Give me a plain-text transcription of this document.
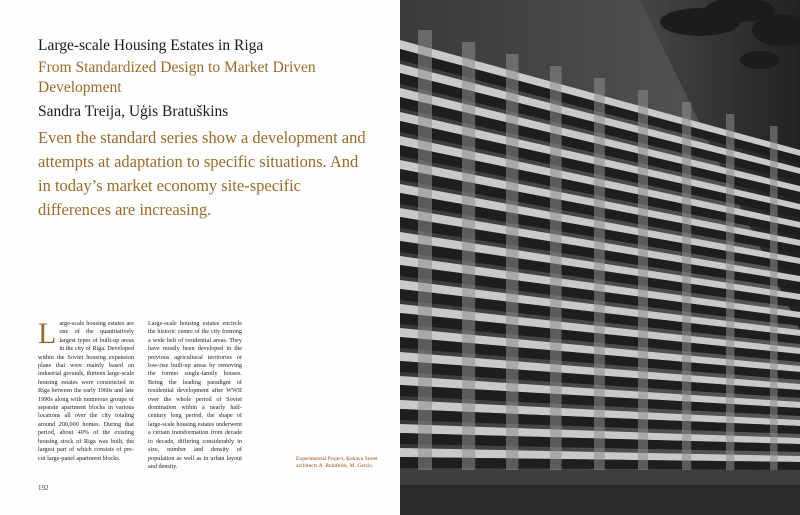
Large-scale Housing Estates in Riga
From Standardized Design to Market Driven Development
Sandra Treija, Uģis Bratuškins
Even the standard series show a development and attempts at adaptation to specific situations. And in today’s market economy site-specific differences are increasing.
L arge-scale housing estates are one of the quantitatively largest types of built-up areas in the city of Riga. Developed within the Soviet housing expansion plans that were mainly based on industrial grounds, thirteen large-scale housing estates were constructed in Riga between the early 1960s and late 1990s along with numerous groups of separate apartment blocks in various locations all over the city totaling around 200,000 homes. During that period, about 40% of the existing housing stock of Riga was built, the largest part of which consists of pre-cut large-panel apartment blocks.
Large-scale housing estates encircle the historic centre of the city forming a wide belt of residential areas. They have mostly been developed in the previous agricultural territories or low-rise built-up areas by removing the former single-family houses. Being the leading paradigm of residential development after WWII over the whole period of Soviet domination within a nearly half-century long period, the shape of large-scale housing estates underwent a certain transformation from decade to decade, differing considerably in size, number and density of population as well as in urban layout and density.
Experimental Project, Ķekava Street architects A. Reinfelds, M. Gelzis.
192
